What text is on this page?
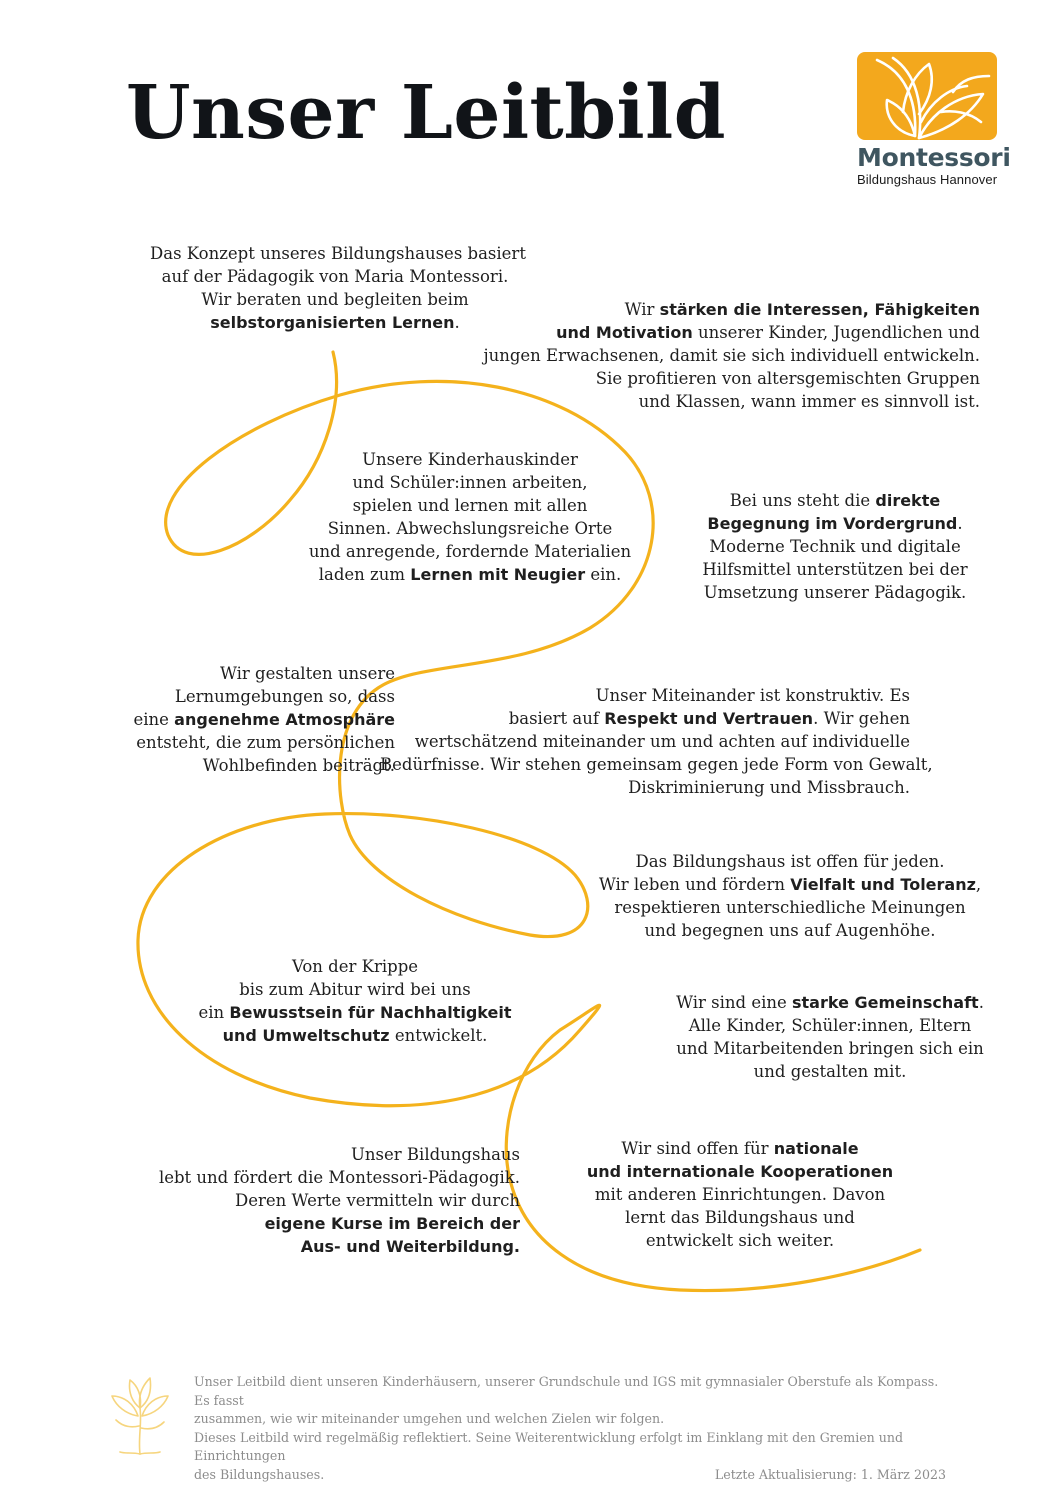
Unser Leitbild
Montessori
Bildungshaus Hannover
Das Konzept unseres Bildungshauses basiert
auf der Pädagogik von Maria Montessori.
Wir beraten und begleiten beim
selbstorganisierten Lernen.
Wir stärken die Interessen, Fähigkeiten
und Motivation unserer Kinder, Jugendlichen und
jungen Erwachsenen, damit sie sich individuell entwickeln.
Sie profitieren von altersgemischten Gruppen
und Klassen, wann immer es sinnvoll ist.
Unsere Kinderhauskinder
und Schüler:innen arbeiten,
spielen und lernen mit allen
Sinnen. Abwechslungsreiche Orte
und anregende, fordernde Materialien
laden zum Lernen mit Neugier ein.
Bei uns steht die direkte
Begegnung im Vordergrund.
Moderne Technik und digitale
Hilfsmittel unterstützen bei der
Umsetzung unserer Pädagogik.
Wir gestalten unsere
Lernumgebungen so, dass
eine angenehme Atmosphäre
entsteht, die zum persönlichen
Wohlbefinden beiträgt.
Unser Miteinander ist konstruktiv. Es
basiert auf Respekt und Vertrauen. Wir gehen
wertschätzend miteinander um und achten auf individuelle
Bedürfnisse. Wir stehen gemeinsam gegen jede Form von Gewalt,
Diskriminierung und Missbrauch.
Das Bildungshaus ist offen für jeden.
Wir leben und fördern Vielfalt und Toleranz,
respektieren unterschiedliche Meinungen
und begegnen uns auf Augenhöhe.
Von der Krippe
bis zum Abitur wird bei uns
ein Bewusstsein für Nachhaltigkeit
und Umweltschutz entwickelt.
Wir sind eine starke Gemeinschaft.
Alle Kinder, Schüler:innen, Eltern
und Mitarbeitenden bringen sich ein
und gestalten mit.
Unser Bildungshaus
lebt und fördert die Montessori-Pädagogik.
Deren Werte vermitteln wir durch
eigene Kurse im Bereich der
Aus- und Weiterbildung.
Wir sind offen für nationale
und internationale Kooperationen
mit anderen Einrichtungen. Davon
lernt das Bildungshaus und
entwickelt sich weiter.
Unser Leitbild dient unseren Kinderhäusern, unserer Grundschule und IGS mit gymnasialer Oberstufe als Kompass. Es fasst
zusammen, wie wir miteinander umgehen und welchen Zielen wir folgen.
Dieses Leitbild wird regelmäßig reflektiert. Seine Weiterentwicklung erfolgt im Einklang mit den Gremien und Einrichtungen
des Bildungshauses.	Letzte Aktualisierung: 1. März 2023
